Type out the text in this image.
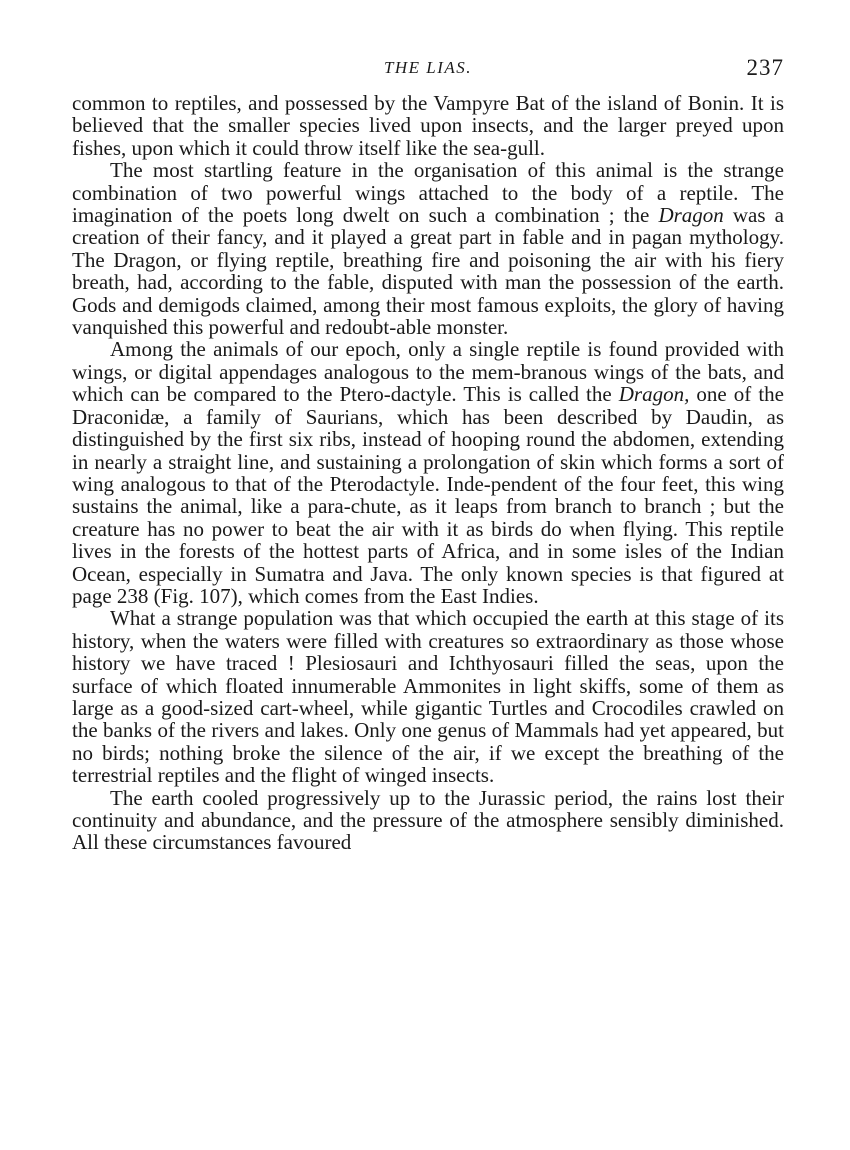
THE LIAS.	237

common to reptiles, and possessed by the Vampyre Bat of the island of Bonin. It is believed that the smaller species lived upon insects, and the larger preyed upon fishes, upon which it could throw itself like the sea-gull.

The most startling feature in the organisation of this animal is the strange combination of two powerful wings attached to the body of a reptile. The imagination of the poets long dwelt on such a combination ; the Dragon was a creation of their fancy, and it played a great part in fable and in pagan mythology. The Dragon, or flying reptile, breathing fire and poisoning the air with his fiery breath, had, according to the fable, disputed with man the possession of the earth. Gods and demigods claimed, among their most famous exploits, the glory of having vanquished this powerful and redoubt-able monster.

Among the animals of our epoch, only a single reptile is found provided with wings, or digital appendages analogous to the mem-branous wings of the bats, and which can be compared to the Ptero-dactyle. This is called the Dragon, one of the Draconidæ, a family of Saurians, which has been described by Daudin, as distinguished by the first six ribs, instead of hooping round the abdomen, extending in nearly a straight line, and sustaining a prolongation of skin which forms a sort of wing analogous to that of the Pterodactyle. Inde-pendent of the four feet, this wing sustains the animal, like a para-chute, as it leaps from branch to branch ; but the creature has no power to beat the air with it as birds do when flying. This reptile lives in the forests of the hottest parts of Africa, and in some isles of the Indian Ocean, especially in Sumatra and Java. The only known species is that figured at page 238 (Fig. 107), which comes from the East Indies.

What a strange population was that which occupied the earth at this stage of its history, when the waters were filled with creatures so extraordinary as those whose history we have traced ! Plesiosauri and Ichthyosauri filled the seas, upon the surface of which floated innumerable Ammonites in light skiffs, some of them as large as a good-sized cart-wheel, while gigantic Turtles and Crocodiles crawled on the banks of the rivers and lakes. Only one genus of Mammals had yet appeared, but no birds; nothing broke the silence of the air, if we except the breathing of the terrestrial reptiles and the flight of winged insects.

The earth cooled progressively up to the Jurassic period, the rains lost their continuity and abundance, and the pressure of the atmosphere sensibly diminished. All these circumstances favoured
